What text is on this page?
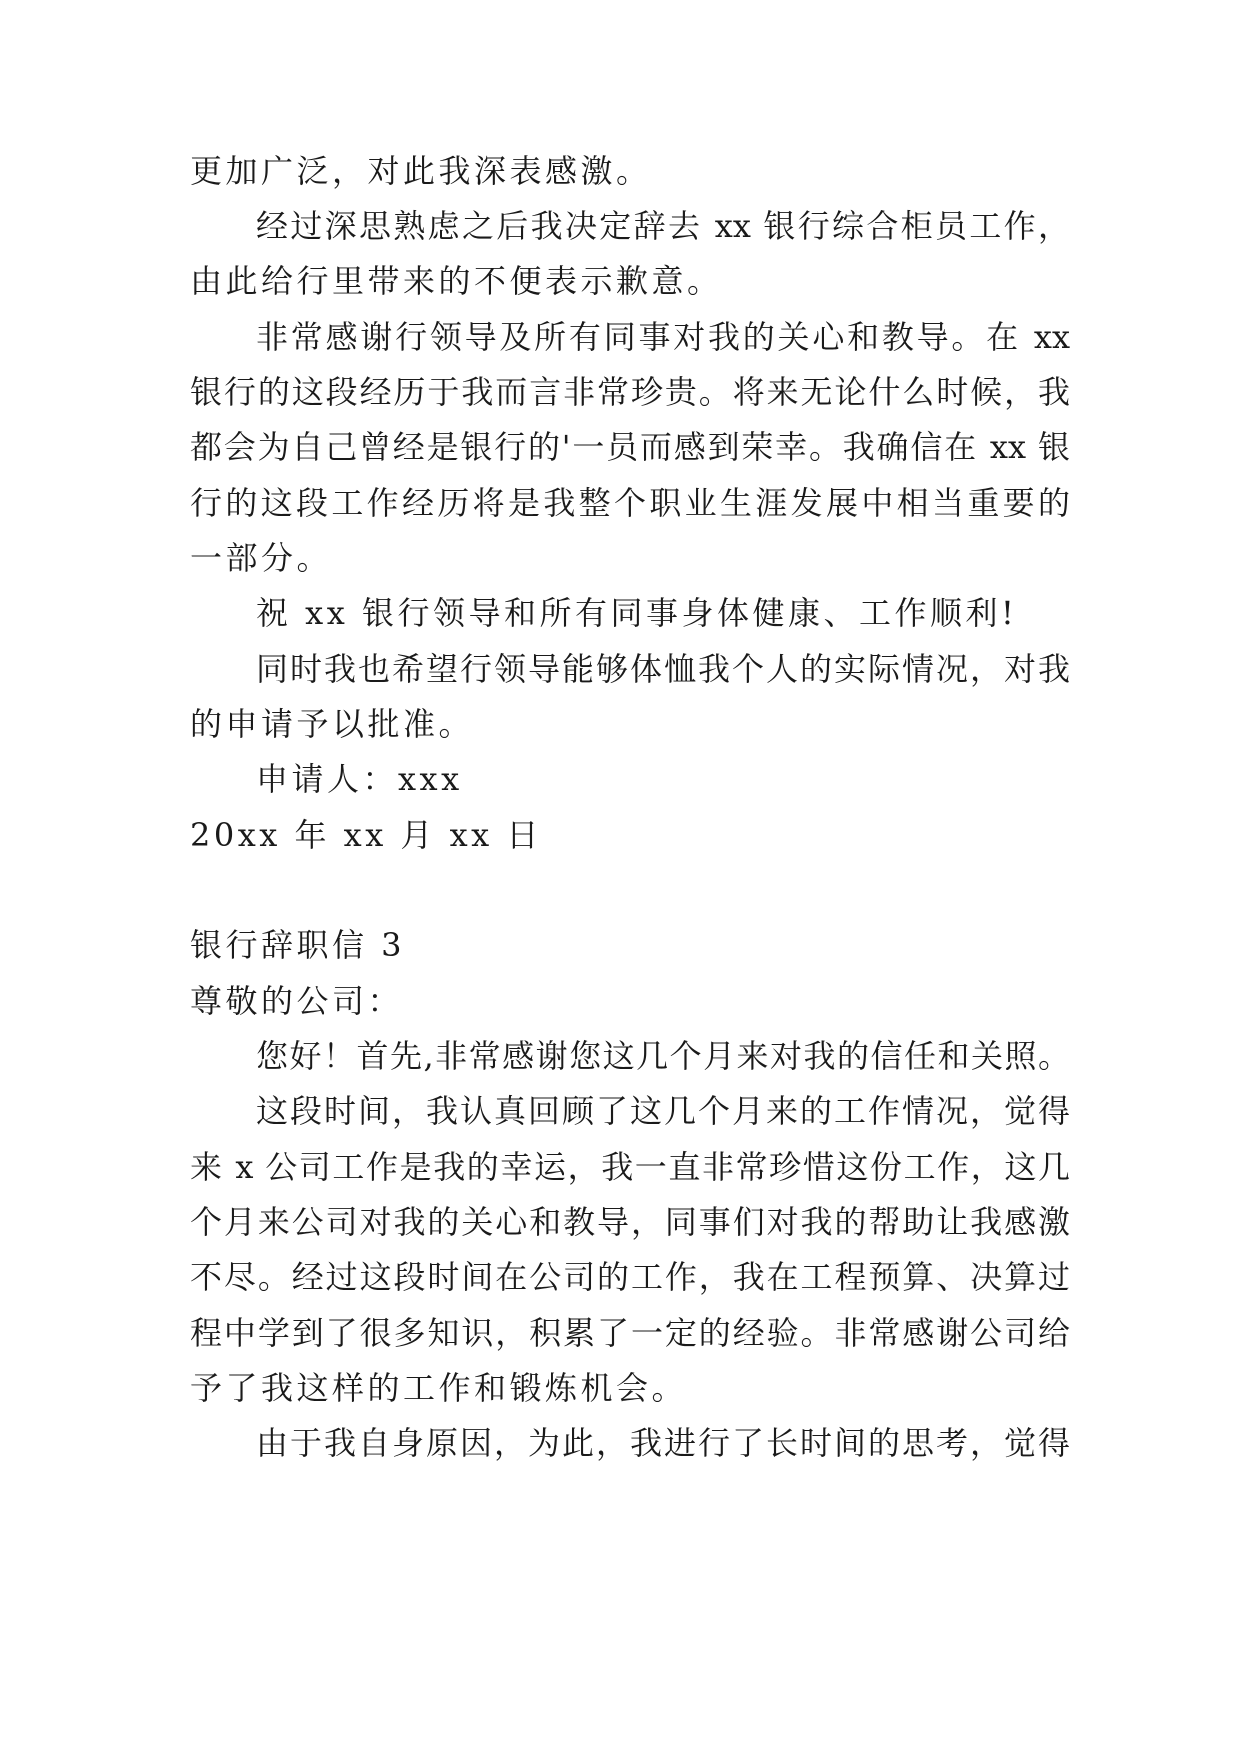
更加广泛，对此我深表感激。
经过深思熟虑之后我决定辞去 xx 银行综合柜员工作，
由此给行里带来的不便表示歉意。
非常感谢行领导及所有同事对我的关心和教导。在 xx
银行的这段经历于我而言非常珍贵。将来无论什么时候，我
都会为自己曾经是银行的'一员而感到荣幸。我确信在 xx 银
行的这段工作经历将是我整个职业生涯发展中相当重要的
一部分。
祝 xx 银行领导和所有同事身体健康、工作顺利!
同时我也希望行领导能够体恤我个人的实际情况，对我
的申请予以批准。
申请人：xxx
20xx 年 xx 月 xx 日
银行辞职信 3
尊敬的公司：
您好！首先,非常感谢您这几个月来对我的信任和关照。
这段时间，我认真回顾了这几个月来的工作情况，觉得
来 x 公司工作是我的幸运，我一直非常珍惜这份工作，这几
个月来公司对我的关心和教导，同事们对我的帮助让我感激
不尽。经过这段时间在公司的工作，我在工程预算、决算过
程中学到了很多知识，积累了一定的经验。非常感谢公司给
予了我这样的工作和锻炼机会。
由于我自身原因，为此，我进行了长时间的思考，觉得
